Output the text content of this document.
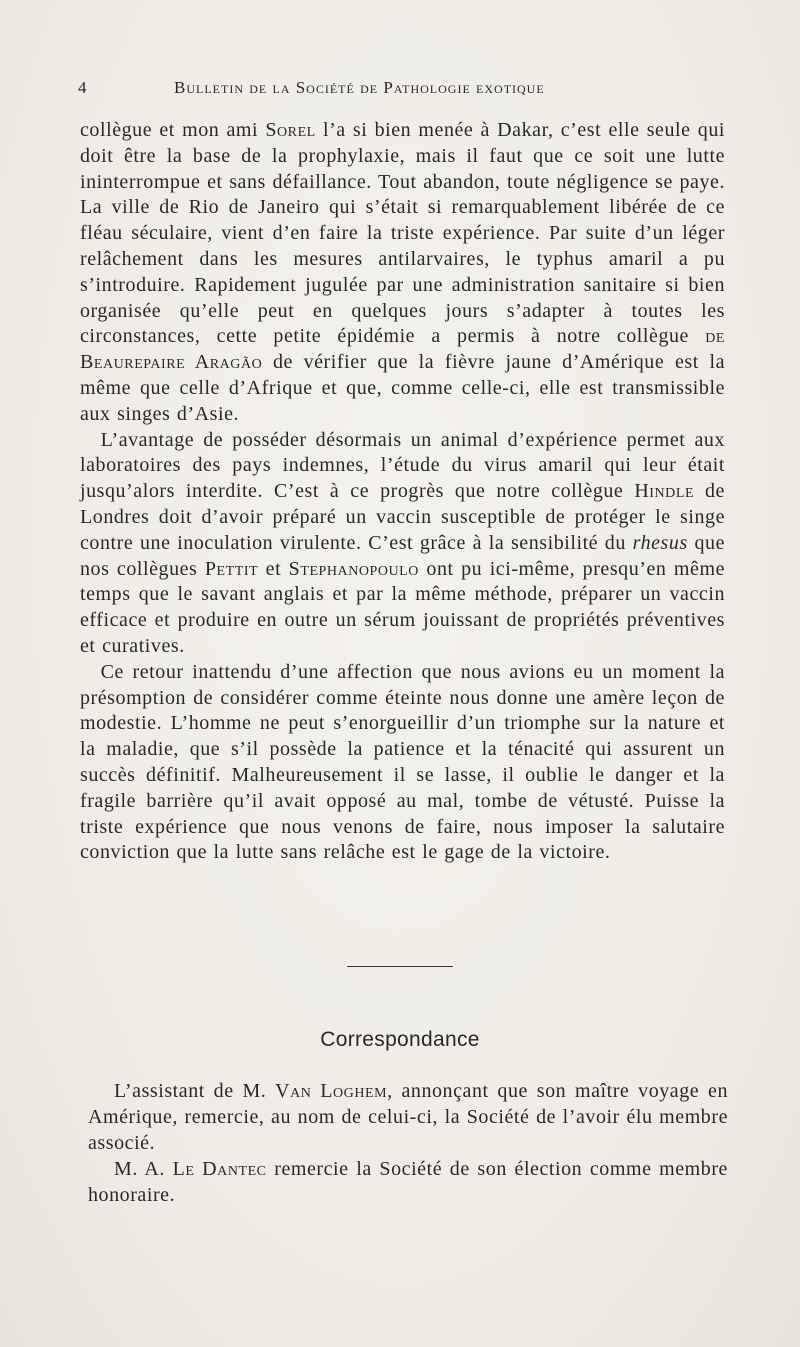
4	Bulletin de la Société de Pathologie exotique

collègue et mon ami Sorel l’a si bien menée à Dakar, c’est elle seule qui doit être la base de la prophylaxie, mais il faut que ce soit une lutte ininterrompue et sans défaillance. Tout abandon, toute négligence se paye. La ville de Rio de Janeiro qui s’était si remarquablement libérée de ce fléau séculaire, vient d’en faire la triste expérience. Par suite d’un léger relâchement dans les mesures antilarvaires, le typhus amaril a pu s’introduire. Rapidement jugulée par une administration sanitaire si bien organisée qu’elle peut en quelques jours s’adapter à toutes les circonstances, cette petite épidémie a permis à notre collègue de Beaurepaire Aragão de vérifier que la fièvre jaune d’Amérique est la même que celle d’Afrique et que, comme celle-ci, elle est transmissible aux singes d’Asie.

 L’avantage de posséder désormais un animal d’expérience permet aux laboratoires des pays indemnes, l’étude du virus amaril qui leur était jusqu’alors interdite. C’est à ce progrès que notre collègue Hindle de Londres doit d’avoir préparé un vaccin susceptible de protéger le singe contre une inoculation virulente. C’est grâce à la sensibilité du rhesus que nos collègues Pettit et Stephanopoulo ont pu ici-même, presqu’en même temps que le savant anglais et par la même méthode, préparer un vaccin efficace et produire en outre un sérum jouissant de propriétés préventives et curatives.

 Ce retour inattendu d’une affection que nous avions eu un moment la présomption de considérer comme éteinte nous donne une amère leçon de modestie. L’homme ne peut s’enorgueillir d’un triomphe sur la nature et la maladie, que s’il possède la patience et la ténacité qui assurent un succès définitif. Malheureusement il se lasse, il oublie le danger et la fragile barrière qu’il avait opposé au mal, tombe de vétusté. Puisse la triste expérience que nous venons de faire, nous imposer la salutaire conviction que la lutte sans relâche est le gage de la victoire.

Correspondance

L’assistant de M. Van Loghem, annonçant que son maître voyage en Amérique, remercie, au nom de celui-ci, la Société de l’avoir élu membre associé.

M. A. Le Dantec remercie la Société de son élection comme membre honoraire.
